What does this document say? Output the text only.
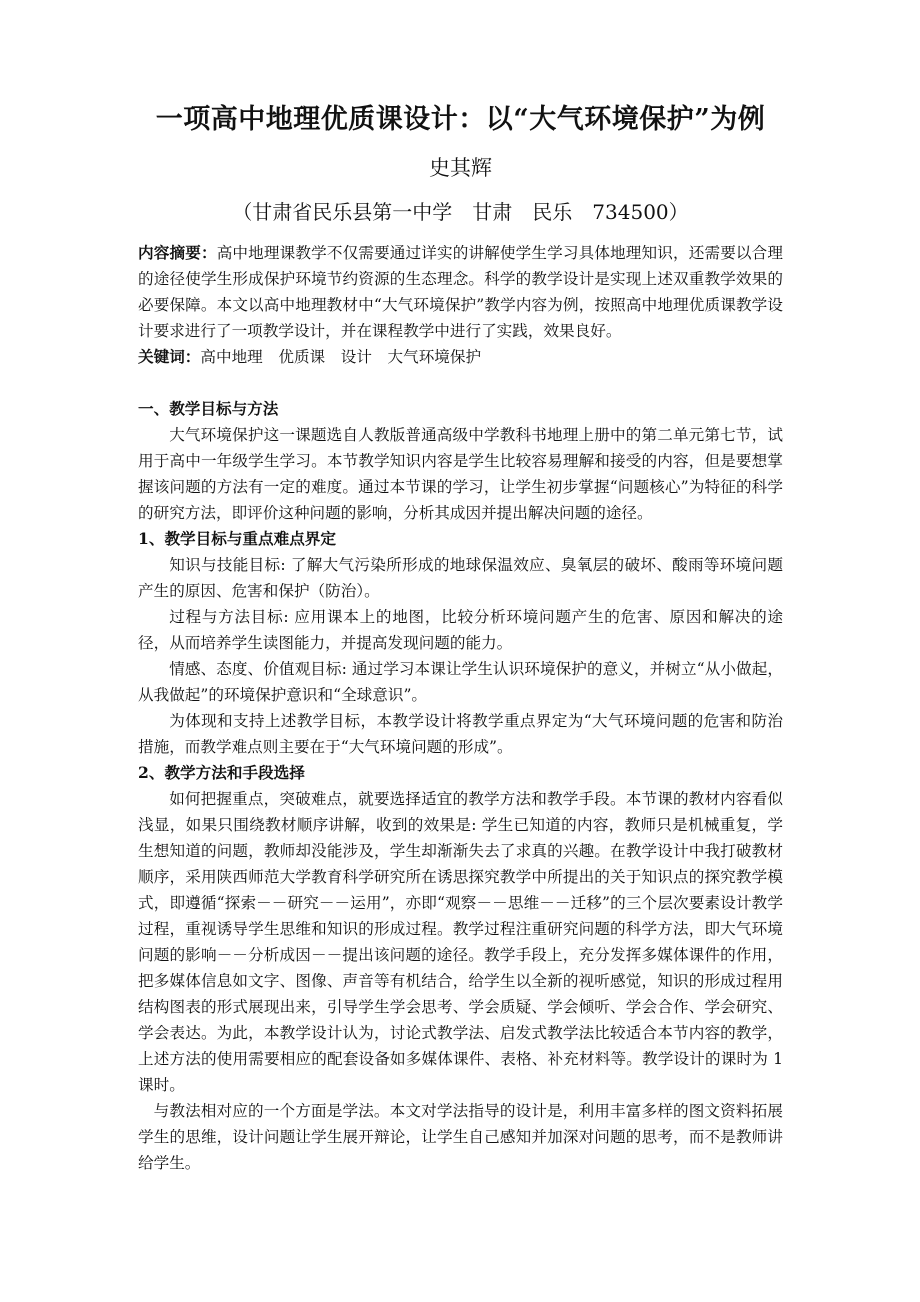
一项高中地理优质课设计：以“大气环境保护”为例
史其辉
（甘肃省民乐县第一中学　甘肃　民乐　734500）
内容摘要：高中地理课教学不仅需要通过详实的讲解使学生学习具体地理知识，还需要以合理的途径使学生形成保护环境节约资源的生态理念。科学的教学设计是实现上述双重教学效果的必要保障。本文以高中地理教材中“大气环境保护”教学内容为例，按照高中地理优质课教学设计要求进行了一项教学设计，并在课程教学中进行了实践，效果良好。
关键词：高中地理　优质课　设计　大气环境保护
一、教学目标与方法

大气环境保护这一课题选自人教版普通高级中学教科书地理上册中的第二单元第七节，试用于高中一年级学生学习。本节教学知识内容是学生比较容易理解和接受的内容，但是要想掌握该问题的方法有一定的难度。通过本节课的学习，让学生初步掌握“问题核心”为特征的科学的研究方法，即评价这种问题的影响，分析其成因并提出解决问题的途径。

1、教学目标与重点难点界定

知识与技能目标: 了解大气污染所形成的地球保温效应、臭氧层的破坏、酸雨等环境问题产生的原因、危害和保护（防治）。

过程与方法目标: 应用课本上的地图，比较分析环境问题产生的危害、原因和解决的途径，从而培养学生读图能力，并提高发现问题的能力。

情感、态度、价值观目标: 通过学习本课让学生认识环境保护的意义，并树立“从小做起，从我做起”的环境保护意识和“全球意识”。

为体现和支持上述教学目标，本教学设计将教学重点界定为“大气环境问题的危害和防治措施，而教学难点则主要在于“大气环境问题的形成”。

2、教学方法和手段选择

如何把握重点，突破难点，就要选择适宜的教学方法和教学手段。本节课的教材内容看似浅显，如果只围绕教材顺序讲解，收到的效果是: 学生已知道的内容，教师只是机械重复，学生想知道的问题，教师却没能涉及，学生却渐渐失去了求真的兴趣。在教学设计中我打破教材顺序，采用陕西师范大学教育科学研究所在诱思探究教学中所提出的关于知识点的探究教学模式，即遵循“探索－－研究－－运用”，亦即“观察－－思维－－迁移”的三个层次要素设计教学过程，重视诱导学生思维和知识的形成过程。教学过程注重研究问题的科学方法，即大气环境问题的影响－－分析成因－－提出该问题的途径。教学手段上，充分发挥多媒体课件的作用，把多媒体信息如文字、图像、声音等有机结合，给学生以全新的视听感觉，知识的形成过程用结构图表的形式展现出来，引导学生学会思考、学会质疑、学会倾听、学会合作、学会研究、学会表达。为此，本教学设计认为，讨论式教学法、启发式教学法比较适合本节内容的教学，上述方法的使用需要相应的配套设备如多媒体课件、表格、补充材料等。教学设计的课时为 1 课时。

与教法相对应的一个方面是学法。本文对学法指导的设计是，利用丰富多样的图文资料拓展学生的思维，设计问题让学生展开辩论，让学生自己感知并加深对问题的思考，而不是教师讲给学生。
